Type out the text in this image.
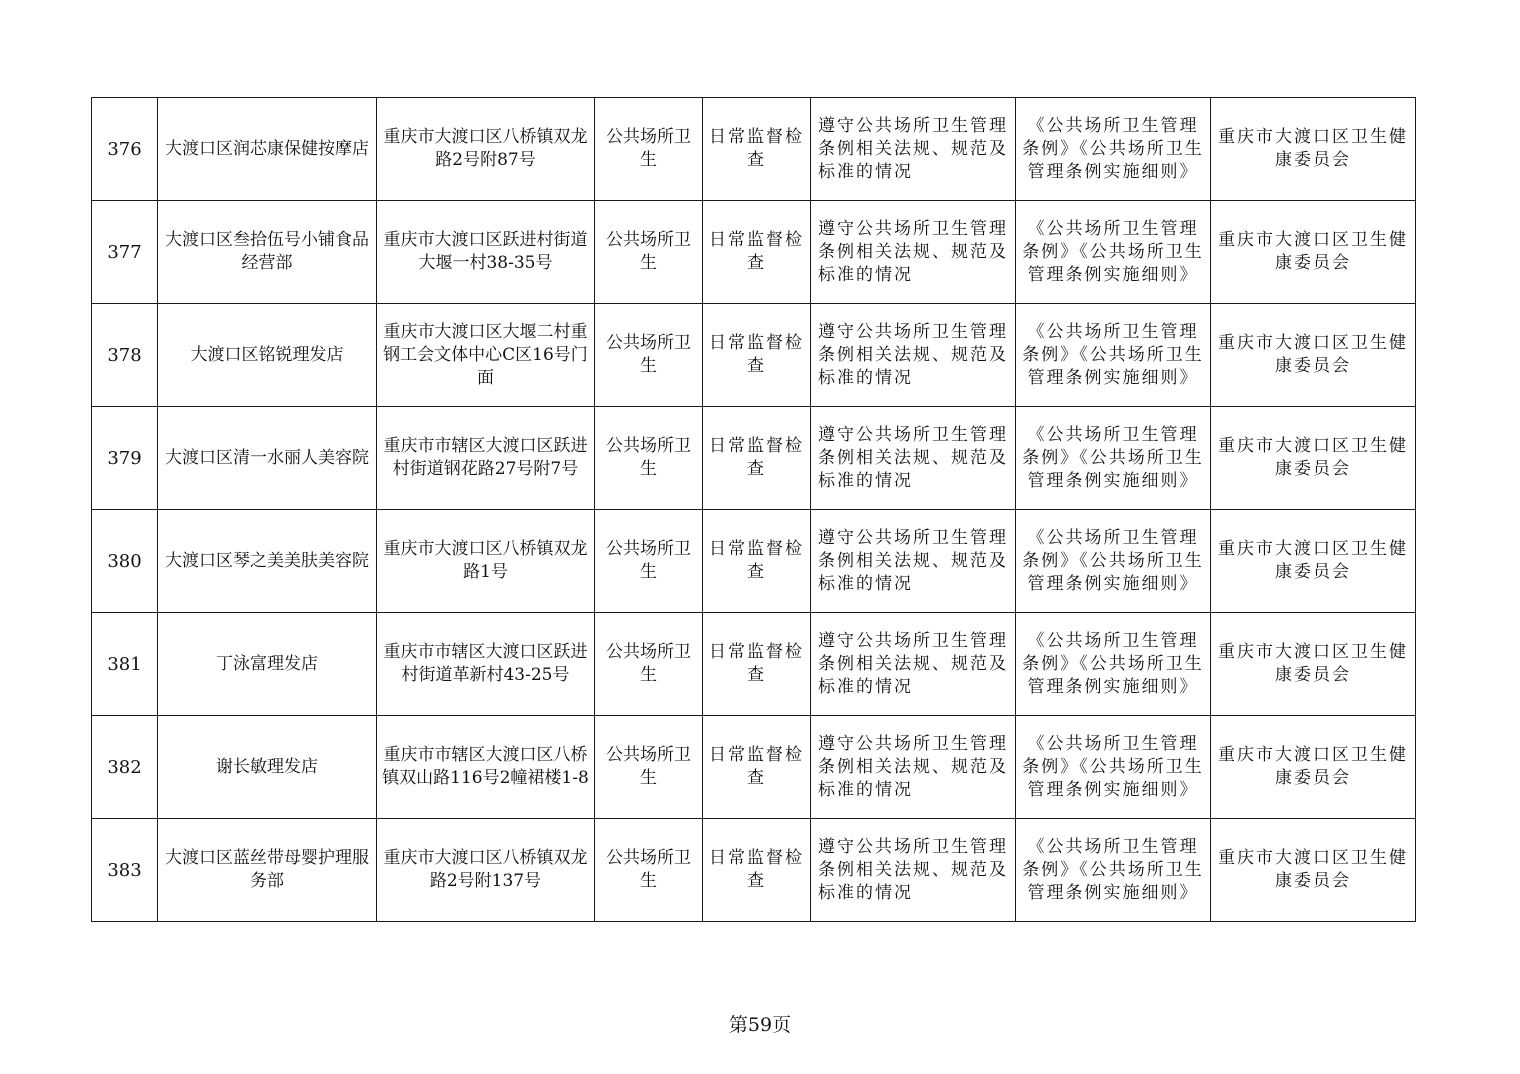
376	大渡口区润芯康保健按摩店	重庆市大渡口区八桥镇双龙路2号附87号	公共场所卫生	日常监督检查	遵守公共场所卫生管理条例相关法规、规范及标准的情况	《公共场所卫生管理条例》《公共场所卫生管理条例实施细则》	重庆市大渡口区卫生健康委员会
377	大渡口区叁拾伍号小铺食品经营部	重庆市大渡口区跃进村街道大堰一村38-35号	公共场所卫生	日常监督检查	遵守公共场所卫生管理条例相关法规、规范及标准的情况	《公共场所卫生管理条例》《公共场所卫生管理条例实施细则》	重庆市大渡口区卫生健康委员会
378	大渡口区铭锐理发店	重庆市大渡口区大堰二村重钢工会文体中心C区16号门面	公共场所卫生	日常监督检查	遵守公共场所卫生管理条例相关法规、规范及标准的情况	《公共场所卫生管理条例》《公共场所卫生管理条例实施细则》	重庆市大渡口区卫生健康委员会
379	大渡口区清一水丽人美容院	重庆市市辖区大渡口区跃进村街道钢花路27号附7号	公共场所卫生	日常监督检查	遵守公共场所卫生管理条例相关法规、规范及标准的情况	《公共场所卫生管理条例》《公共场所卫生管理条例实施细则》	重庆市大渡口区卫生健康委员会
380	大渡口区琴之美美肤美容院	重庆市大渡口区八桥镇双龙路1号	公共场所卫生	日常监督检查	遵守公共场所卫生管理条例相关法规、规范及标准的情况	《公共场所卫生管理条例》《公共场所卫生管理条例实施细则》	重庆市大渡口区卫生健康委员会
381	丁泳富理发店	重庆市市辖区大渡口区跃进村街道革新村43-25号	公共场所卫生	日常监督检查	遵守公共场所卫生管理条例相关法规、规范及标准的情况	《公共场所卫生管理条例》《公共场所卫生管理条例实施细则》	重庆市大渡口区卫生健康委员会
382	谢长敏理发店	重庆市市辖区大渡口区八桥镇双山路116号2幢裙楼1-8	公共场所卫生	日常监督检查	遵守公共场所卫生管理条例相关法规、规范及标准的情况	《公共场所卫生管理条例》《公共场所卫生管理条例实施细则》	重庆市大渡口区卫生健康委员会
383	大渡口区蓝丝带母婴护理服务部	重庆市大渡口区八桥镇双龙路2号附137号	公共场所卫生	日常监督检查	遵守公共场所卫生管理条例相关法规、规范及标准的情况	《公共场所卫生管理条例》《公共场所卫生管理条例实施细则》	重庆市大渡口区卫生健康委员会
第59页
